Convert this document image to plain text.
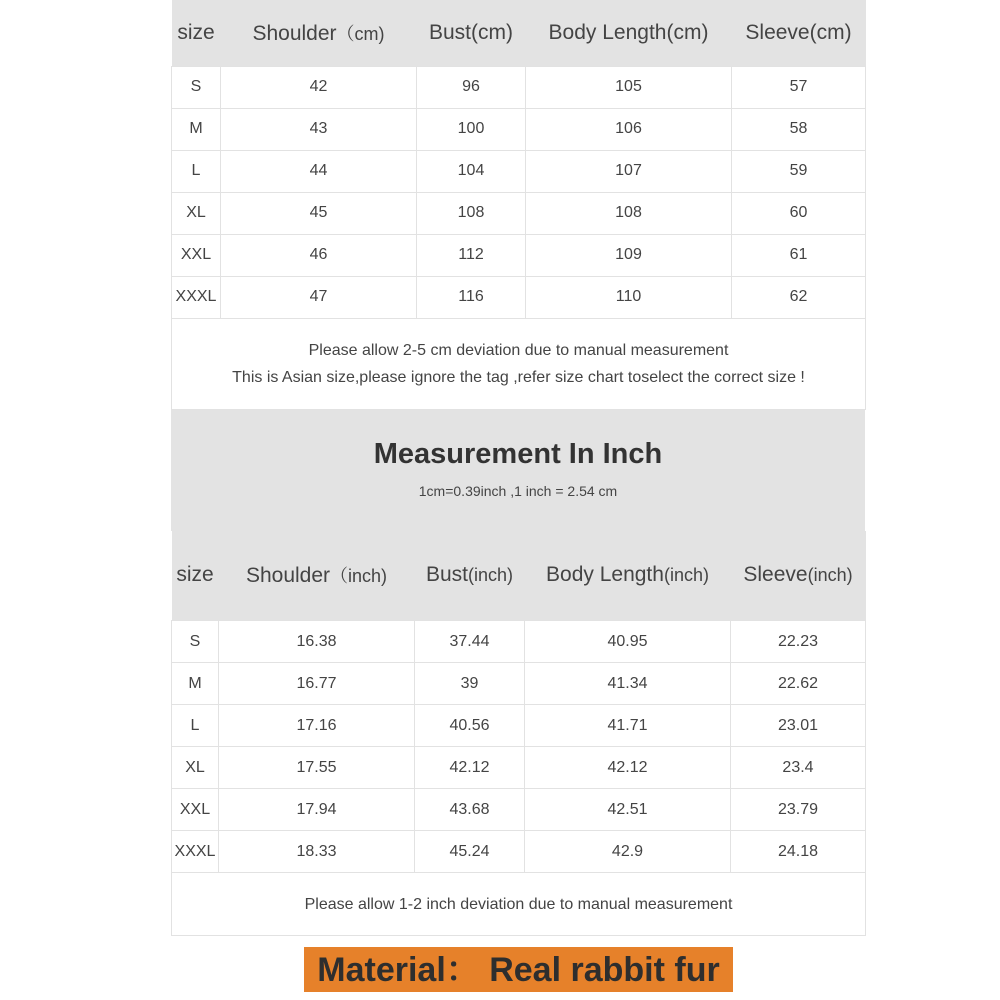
size	Shoulder（cm)	Bust(cm)	Body Length(cm)	Sleeve(cm)
S	42	96	105	57
M	43	100	106	58
L	44	104	107	59
XL	45	108	108	60
XXL	46	112	109	61
XXXL	47	116	110	62

Please allow 2-5 cm deviation due to manual measurement
This is Asian size,please ignore the tag ,refer size chart toselect the correct size !				
Measurement In Inch
1cm=0.39inch ,1 inch = 2.54 cm
size	Shoulder（inch)	Bust(inch)	Body Length(inch)	Sleeve(inch)
S	16.38	37.44	40.95	22.23
M	16.77	39	41.34	22.62
L	17.16	40.56	41.71	23.01
XL	17.55	42.12	42.12	23.4
XXL	17.94	43.68	42.51	23.79
XXXL	18.33	45.24	42.9	24.18
Please allow 1-2 inch deviation due to manual measurement				
Material： Real rabbit fur
